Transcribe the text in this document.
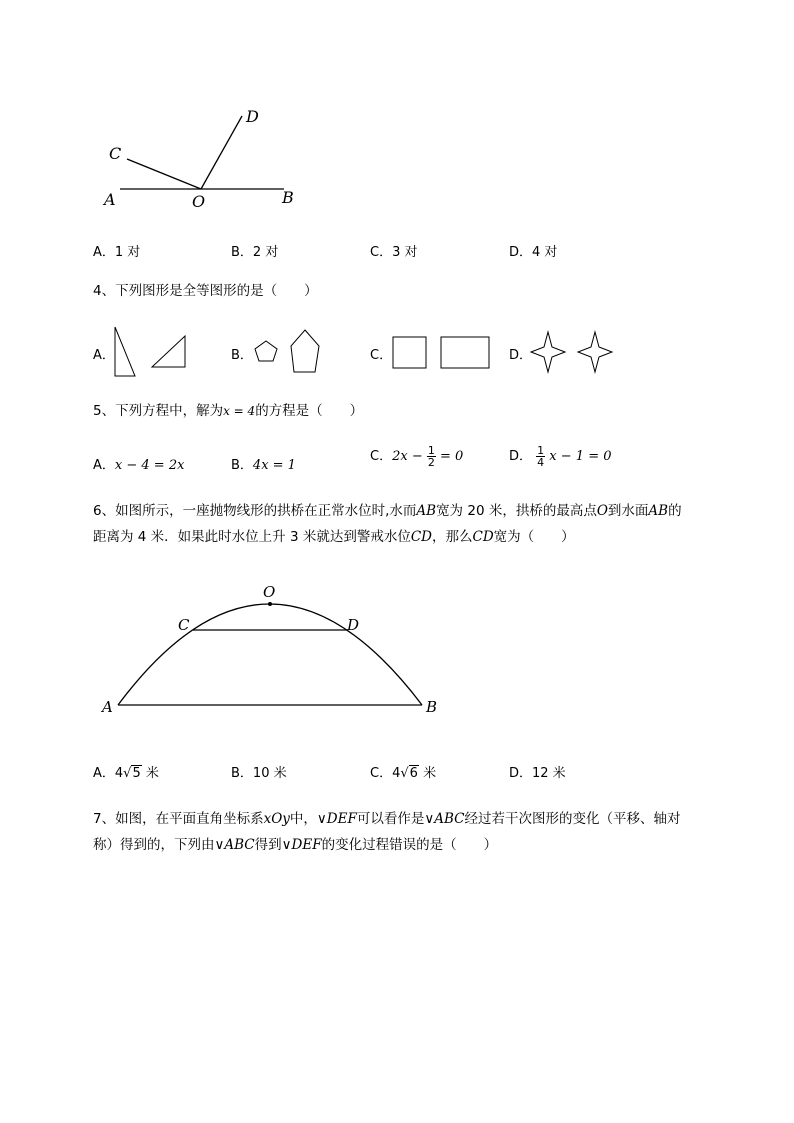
C
D
A	O	B
A．1 对	B．2 对	C．3 对	D．4 对
4、下列图形是全等图形的是（　　）
A．	B．	C．	D．
5、下列方程中，解为x = 4的方程是（　　）
A．x − 4 = 2x	B．4x = 1
C．$2x - \frac{1}{2} = 0$	D． $\frac{1}{4}$ x − 1 = 0
6、如图所示，一座抛物线形的拱桥在正常水位时,水而AB宽为 20 米，拱桥的最高点O到水面AB的
距离为 4 米．如果此时水位上升 3 米就达到警戒水位CD，那么CD宽为（　　）
O
C	D
A	B
A．4√5 米	B．10 米	C．4√6 米	D．12 米
7、如图，在平面直角坐标系xOy中，∨DEF可以看作是∨ABC经过若干次图形的变化（平移、轴对
称）得到的，下列由∨ABC得到∨DEF的变化过程错误的是（　　）
